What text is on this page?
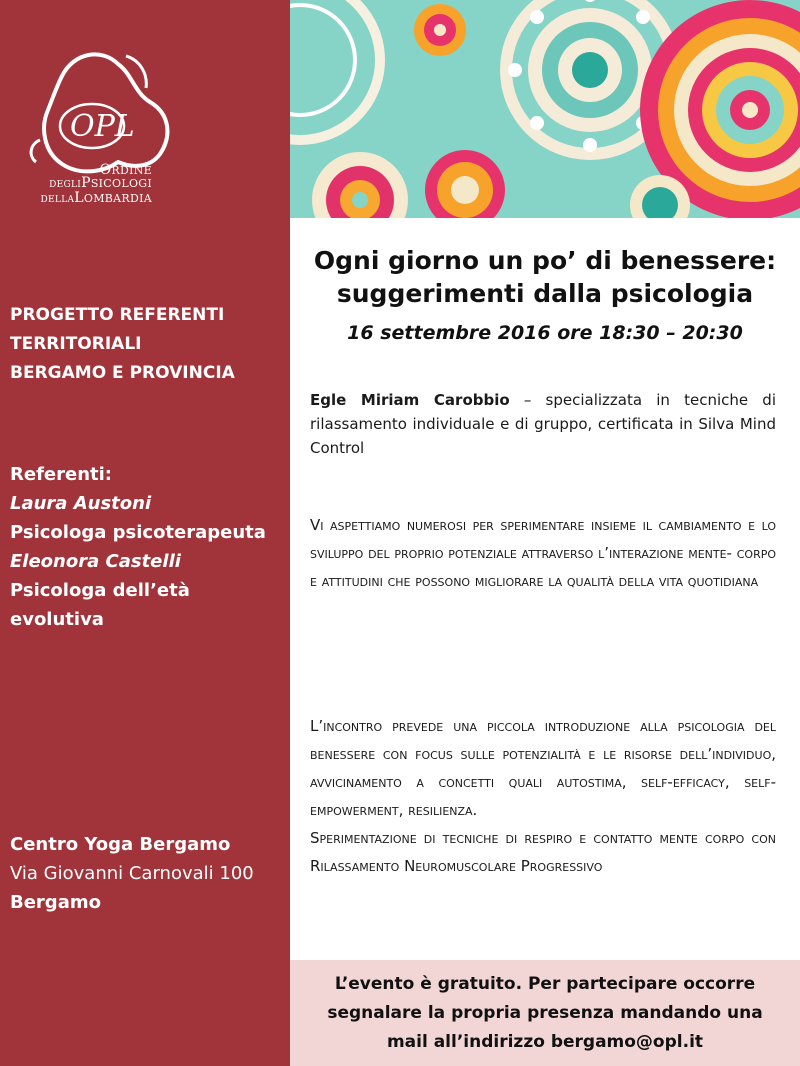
OPL
ORDINE
DEGLIPSICOLOGI
DELLALOMBARDIA
PROGETTO REFERENTI
TERRITORIALI
BERGAMO E PROVINCIA
Referenti:
Laura Austoni
Psicologa psicoterapeuta
Eleonora Castelli
Psicologa dell’età evolutiva
Centro Yoga Bergamo
Via Giovanni Carnovali 100
Bergamo
Ogni giorno un po’ di benessere:
suggerimenti dalla psicologia
16 settembre 2016 ore 18:30 – 20:30
Egle Miriam Carobbio – specializzata in tecniche di rilassamento individuale e di gruppo, certificata in Silva Mind Control
Vi aspettiamo numerosi per sperimentare insieme il cambiamento e lo sviluppo del proprio potenziale attraverso l’interazione mente- corpo e attitudini che possono migliorare la qualità della vita quotidiana
L’incontro prevede una piccola introduzione alla psicologia del benessere con focus sulle potenzialità e le risorse dell’individuo, avvicinamento a concetti quali autostima, self-efficacy, self-empowerment, resilienza.
Sperimentazione di tecniche di respiro e contatto mente corpo con Rilassamento Neuromuscolare Progressivo
L’evento è gratuito. Per partecipare occorre
segnalare la propria presenza mandando una
mail all’indirizzo bergamo@opl.it
